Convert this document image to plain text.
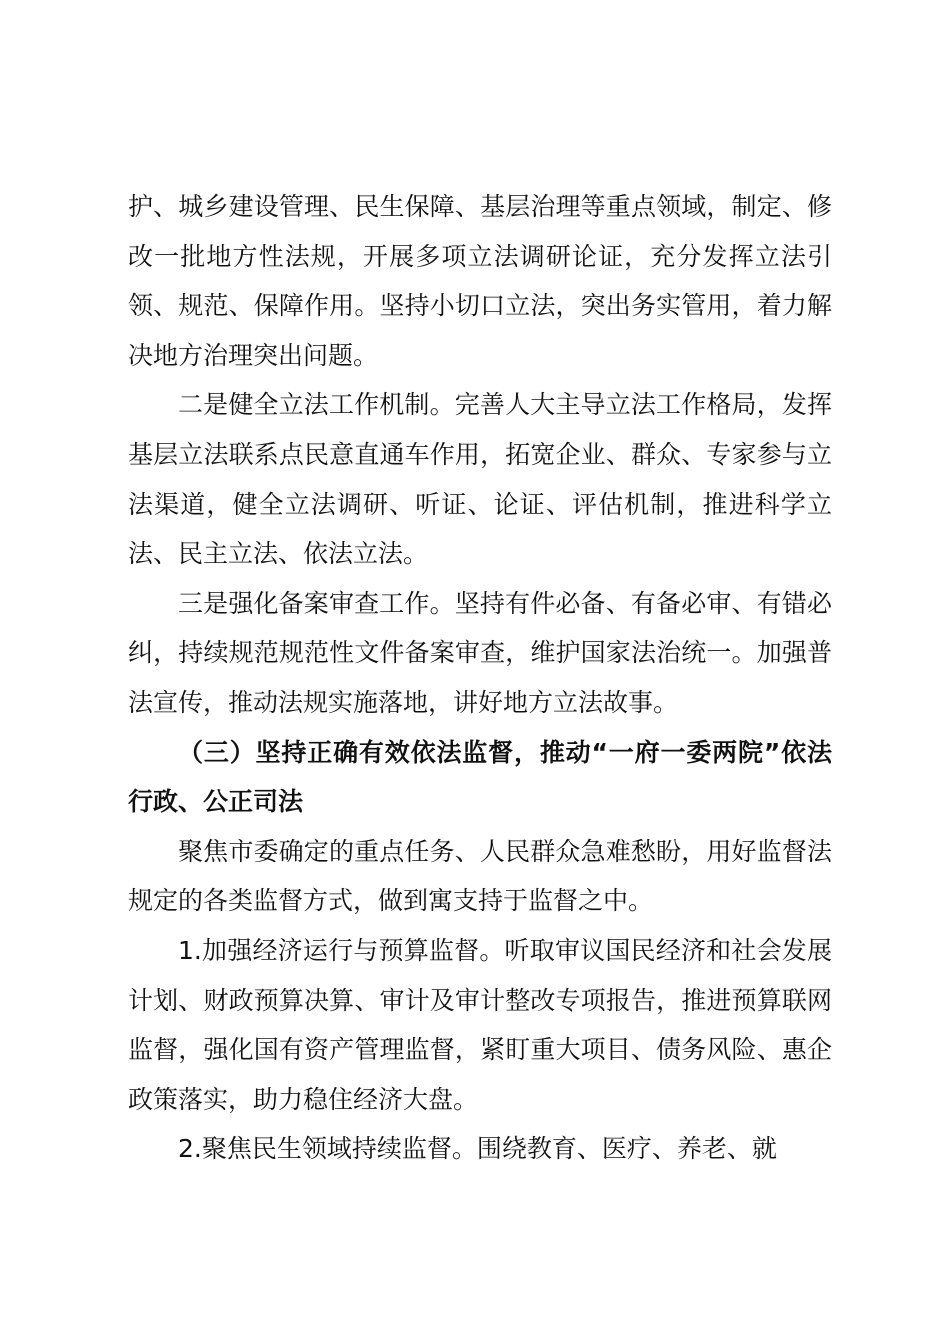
护、城乡建设管理、民生保障、基层治理等重点领域，制定、修改一批地方性法规，开展多项立法调研论证，充分发挥立法引领、规范、保障作用。坚持小切口立法，突出务实管用，着力解决地方治理突出问题。

二是健全立法工作机制。完善人大主导立法工作格局，发挥基层立法联系点民意直通车作用，拓宽企业、群众、专家参与立法渠道，健全立法调研、听证、论证、评估机制，推进科学立法、民主立法、依法立法。

三是强化备案审查工作。坚持有件必备、有备必审、有错必纠，持续规范规范性文件备案审查，维护国家法治统一。加强普法宣传，推动法规实施落地，讲好地方立法故事。

（三）坚持正确有效依法监督，推动“一府一委两院”依法行政、公正司法

聚焦市委确定的重点任务、人民群众急难愁盼，用好监督法规定的各类监督方式，做到寓支持于监督之中。

1.加强经济运行与预算监督。听取审议国民经济和社会发展计划、财政预算决算、审计及审计整改专项报告，推进预算联网监督，强化国有资产管理监督，紧盯重大项目、债务风险、惠企政策落实，助力稳住经济大盘。

2.聚焦民生领域持续监督。围绕教育、医疗、养老、就
